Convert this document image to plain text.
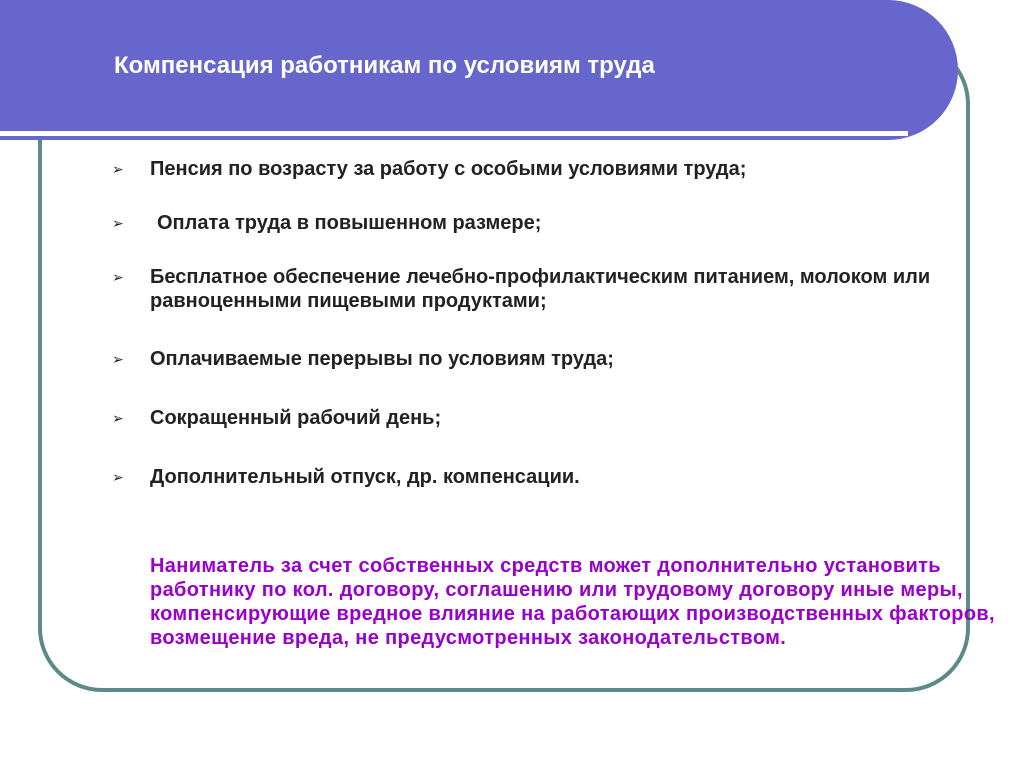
Компенсация работникам по условиям труда
➢ Пенсия по возрасту за работу с особыми условиями труда;
➢ Оплата труда в повышенном размере;
➢ Бесплатное обеспечение лечебно-профилактическим питанием, молоком или равноценными пищевыми продуктами;
➢ Оплачиваемые перерывы по условиям труда;
➢ Сокращенный рабочий день;
➢ Дополнительный отпуск, др. компенсации.

Наниматель за счет собственных средств может дополнительно установить работнику по кол. договору, соглашению или трудовому договору иные меры, компенсирующие вредное влияние на работающих производственных факторов, возмещение вреда, не предусмотренных законодательством.
